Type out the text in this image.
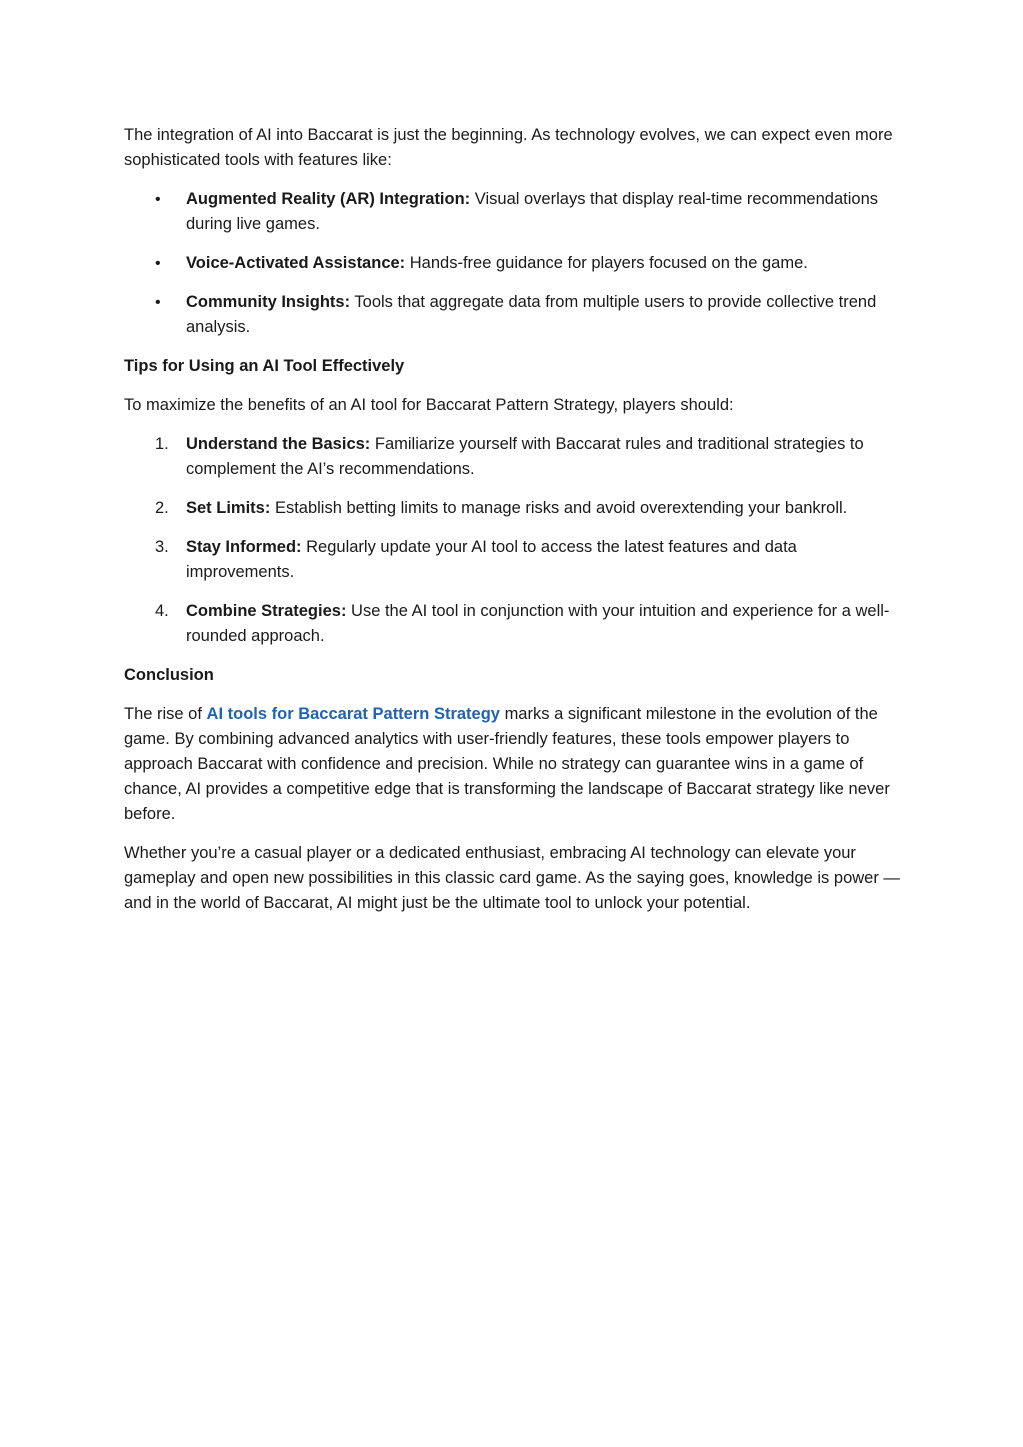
The integration of AI into Baccarat is just the beginning. As technology evolves, we can expect even more sophisticated tools with features like:

• Augmented Reality (AR) Integration: Visual overlays that display real-time recommendations during live games.
• Voice-Activated Assistance: Hands-free guidance for players focused on the game.
• Community Insights: Tools that aggregate data from multiple users to provide collective trend analysis.
Tips for Using an AI Tool Effectively

To maximize the benefits of an AI tool for Baccarat Pattern Strategy, players should:

1. Understand the Basics: Familiarize yourself with Baccarat rules and traditional strategies to complement the AI’s recommendations.
2. Set Limits: Establish betting limits to manage risks and avoid overextending your bankroll.
3. Stay Informed: Regularly update your AI tool to access the latest features and data improvements.
4. Combine Strategies: Use the AI tool in conjunction with your intuition and experience for a well-rounded approach.
Conclusion

The rise of AI tools for Baccarat Pattern Strategy marks a significant milestone in the evolution of the game. By combining advanced analytics with user-friendly features, these tools empower players to approach Baccarat with confidence and precision. While no strategy can guarantee wins in a game of chance, AI provides a competitive edge that is transforming the landscape of Baccarat strategy like never before.

Whether you’re a casual player or a dedicated enthusiast, embracing AI technology can elevate your gameplay and open new possibilities in this classic card game. As the saying goes, knowledge is power — and in the world of Baccarat, AI might just be the ultimate tool to unlock your potential.
